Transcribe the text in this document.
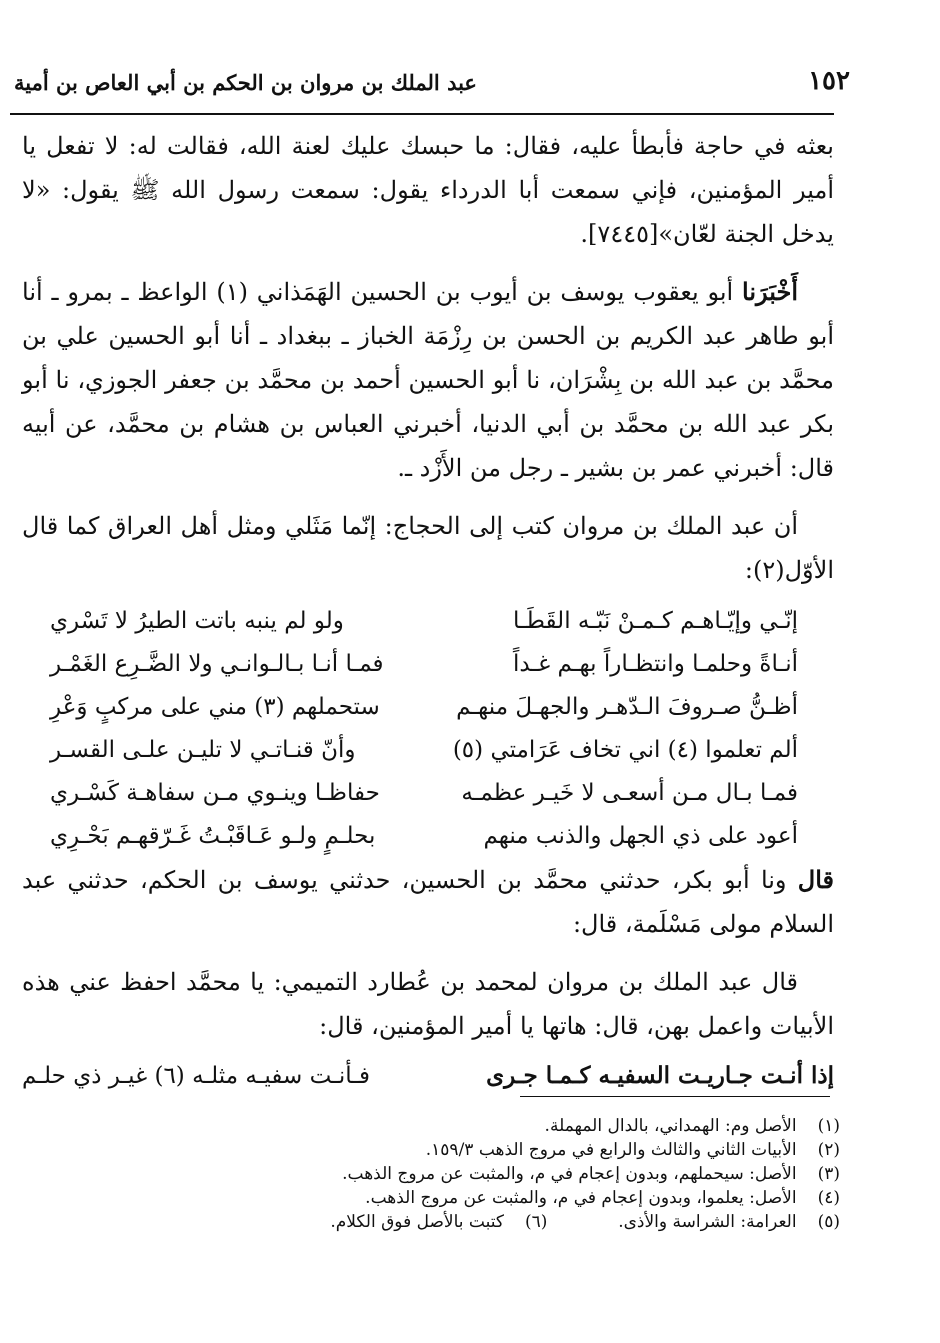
١٥٢
عبد الملك بن مروان بن الحكم بن أبي العاص بن أمية

بعثه في حاجة فأبطأ عليه، فقال: ما حبسك عليك لعنة الله، فقالت له: لا تفعل يا أمير المؤمنين، فإني سمعت أبا الدرداء يقول: سمعت رسول الله ﷺ يقول: «لا يدخل الجنة لعّان»[٧٤٤٥].

أَخْبَرَنا أبو يعقوب يوسف بن أيوب بن الحسين الهَمَذاني (١) الواعظ ـ بمرو ـ أنا أبو طاهر عبد الكريم بن الحسن بن رِزْمَة الخباز ـ ببغداد ـ أنا أبو الحسين علي بن محمَّد بن عبد الله بن بِشْرَان، نا أبو الحسين أحمد بن محمَّد بن جعفر الجوزي، نا أبو بكر عبد الله بن محمَّد بن أبي الدنيا، أخبرني العباس بن هشام بن محمَّد، عن أبيه قال: أخبرني عمر بن بشير ـ رجل من الأَزْد ـ.

أن عبد الملك بن مروان كتب إلى الحجاج: إنّما مَثَلي ومثل أهل العراق كما قال الأوّل(٢):

إنّـي وإيّـاهـم كـمـنْ نَبّـه القَطَـا
ولو لم ينبه باتت الطيرُ لا تَسْري
أنـاةً وحلمـا وانتظـاراً بهـم غـداً
فمـا أنـا بـالـوانـي ولا الضَّـرِع الغَمْـر
أظـنُّ صـروفَ الـدّهـر والجهـلَ منهـم
ستحملهم (٣) مني على مركبٍ وَعْرِ
ألم تعلموا (٤) اني تخاف عَرَامتي (٥)
وأنّ قنـاتـي لا تليـن علـى القسـر
فمـا بـال مـن أسعـى لا خَيـر عظمـه
حفاظـا وينـوي مـن سفاهـة كَسْـري
أعود على ذي الجهل والذنب منهم
بحلـمٍ ولـو عَـاقَبْـتُ غَـرّقهـم بَحْـرِي

قال ونا أبو بكر، حدثني محمَّد بن الحسين، حدثني يوسف بن الحكم، حدثني عبد السلام مولى مَسْلَمة، قال:

قال عبد الملك بن مروان لمحمد بن عُطارد التميمي: يا محمَّد احفظ عني هذه الأبيات واعمل بهن، قال: هاتها يا أمير المؤمنين، قال:

إذا أنـت جـاريـت السفيـه كـمـا جـرى
فـأنـت سفيـه مثلـه (٦) غيـر ذي حلـم
(١) الأصل وم: الهمداني، بالدال المهملة.
(٢) الأبيات الثاني والثالث والرابع في مروج الذهب ١٥٩/٣.
(٣) الأصل: سيحملهم، وبدون إعجام في م، والمثبت عن مروج الذهب.
(٤) الأصل: يعلموا، وبدون إعجام في م، والمثبت عن مروج الذهب.
(٥) العرامة: الشراسة والأذى.  (٦) كتبت بالأصل فوق الكلام.
